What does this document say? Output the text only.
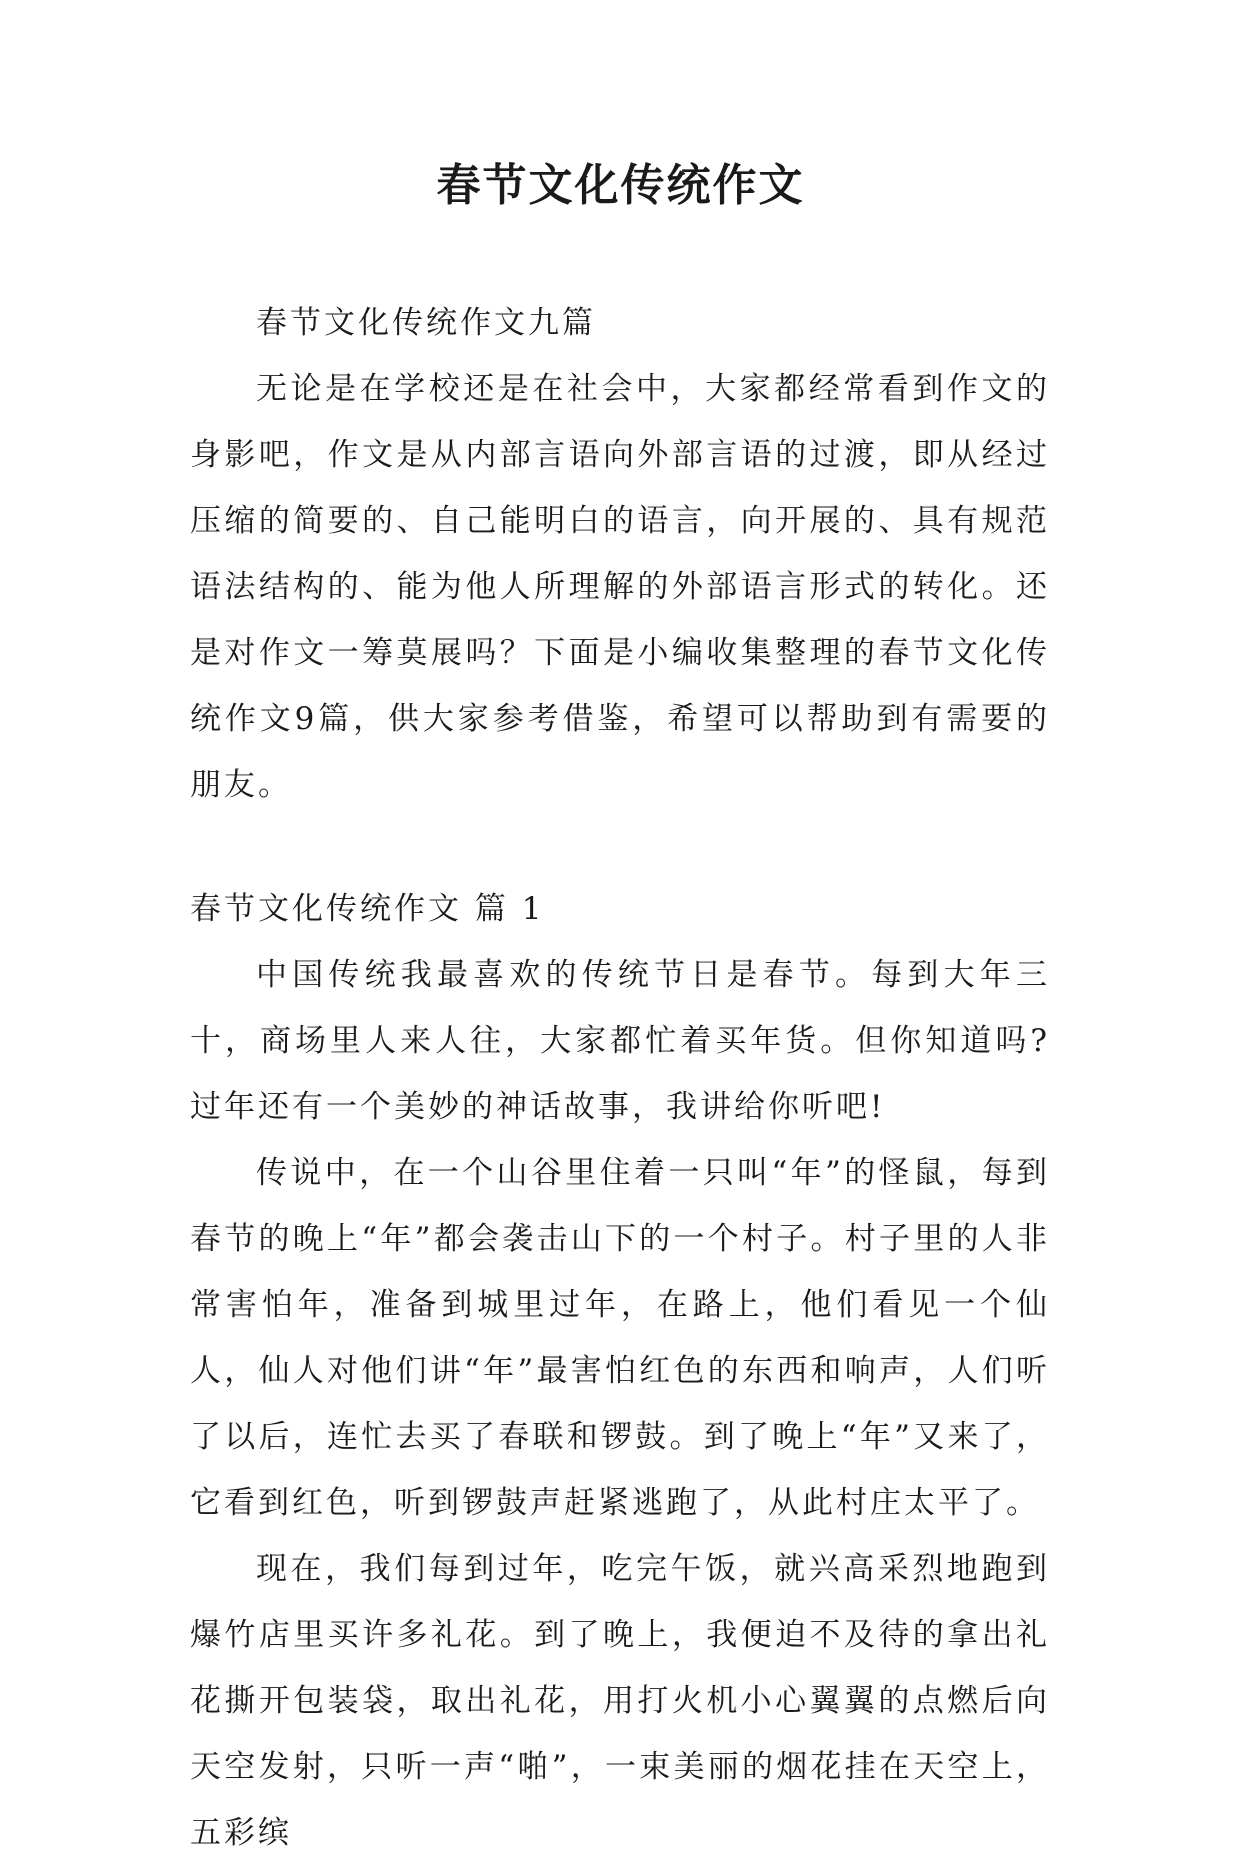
春节文化传统作文

春节文化传统作文九篇

无论是在学校还是在社会中，大家都经常看到作文的身影吧，作文是从内部言语向外部言语的过渡，即从经过压缩的简要的、自己能明白的语言，向开展的、具有规范语法结构的、能为他人所理解的外部语言形式的转化。还是对作文一筹莫展吗？下面是小编收集整理的春节文化传统作文9篇，供大家参考借鉴，希望可以帮助到有需要的朋友。

春节文化传统作文 篇 1

中国传统我最喜欢的传统节日是春节。每到大年三十，商场里人来人往，大家都忙着买年货。但你知道吗?过年还有一个美妙的神话故事，我讲给你听吧!

传说中，在一个山谷里住着一只叫“年”的怪鼠，每到春节的晚上“年”都会袭击山下的一个村子。村子里的人非常害怕年，准备到城里过年，在路上，他们看见一个仙人，仙人对他们讲“年”最害怕红色的东西和响声，人们听了以后，连忙去买了春联和锣鼓。到了晚上“年”又来了，它看到红色，听到锣鼓声赶紧逃跑了，从此村庄太平了。

现在，我们每到过年，吃完午饭，就兴高采烈地跑到爆竹店里买许多礼花。到了晚上，我便迫不及待的拿出礼花撕开包装袋，取出礼花，用打火机小心翼翼的点燃后向天空发射，只听一声“啪”，一束美丽的烟花挂在天空上，五彩缤
